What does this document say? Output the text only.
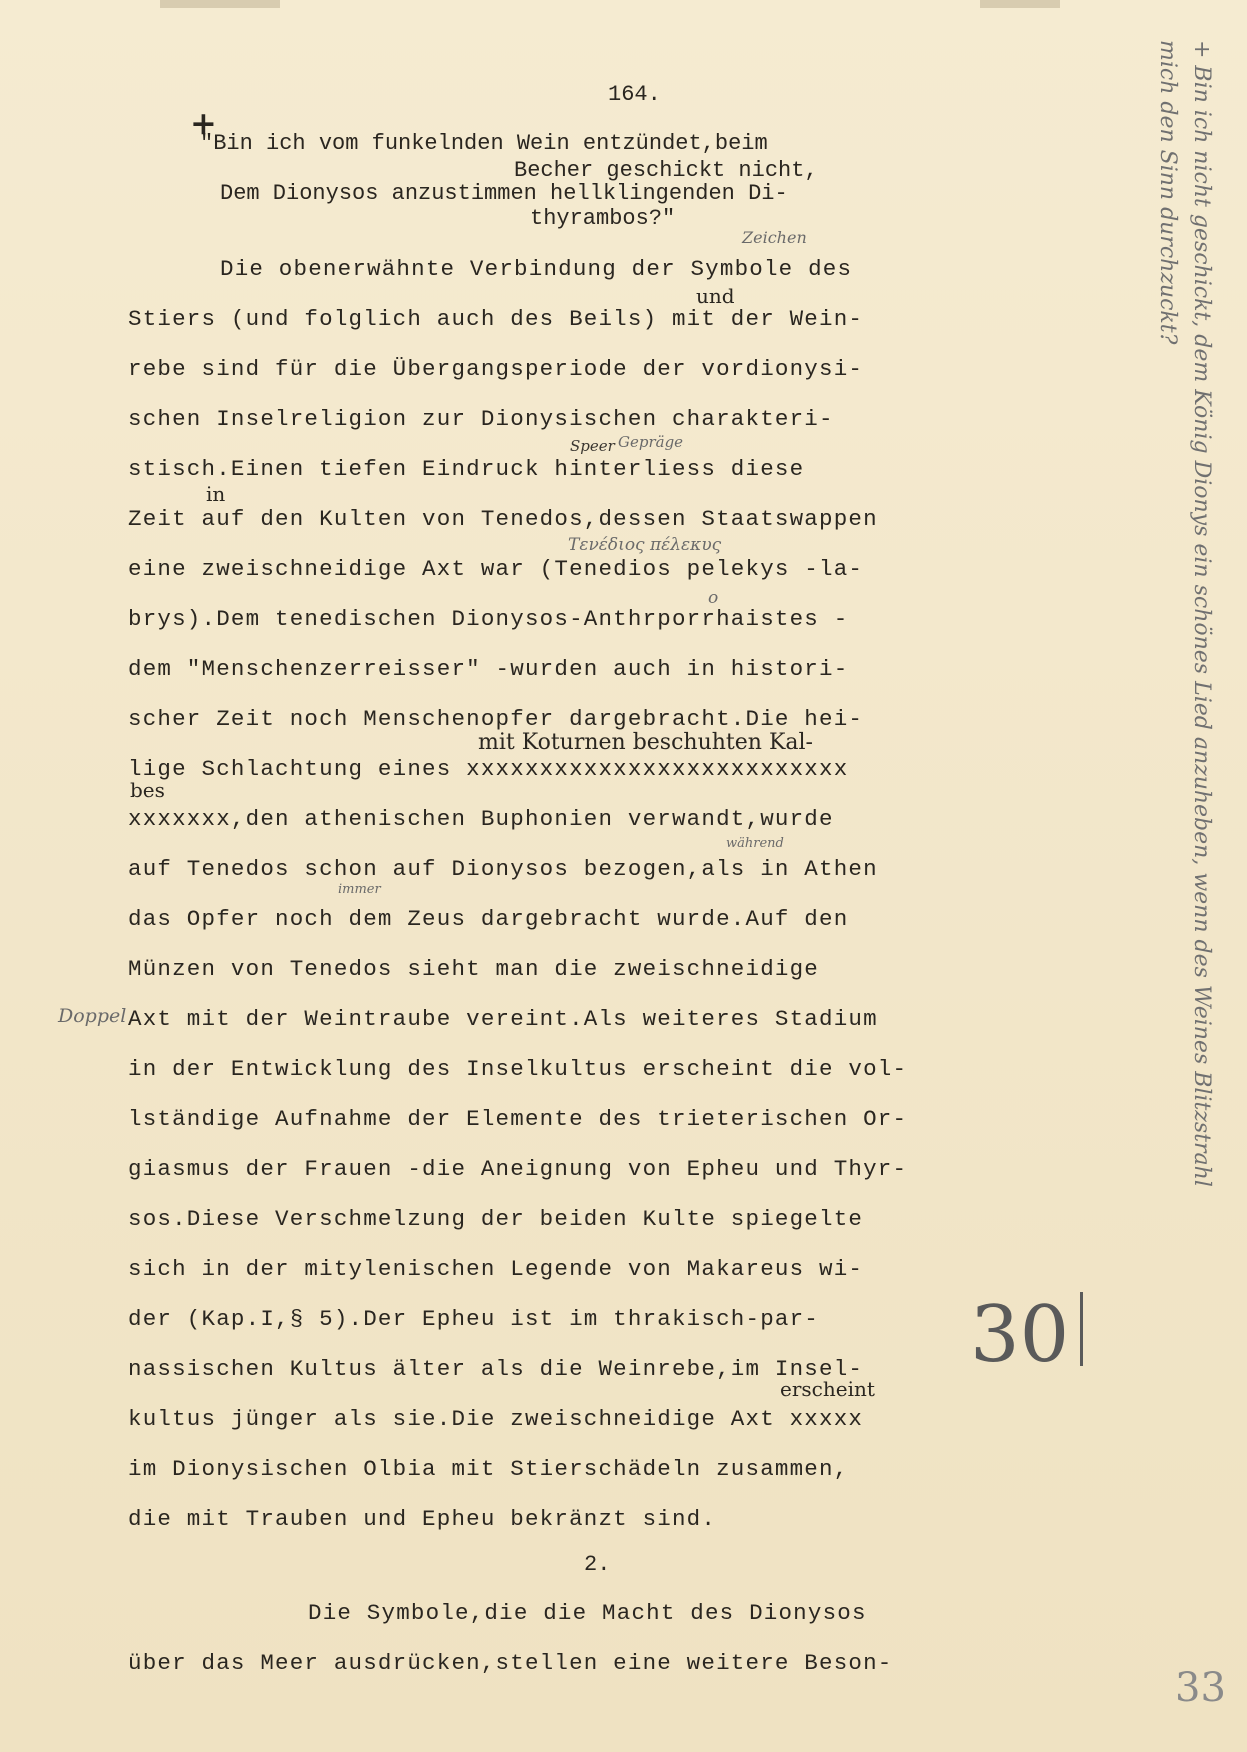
164.
+
"Bin ich vom funkelnden Wein entzündet,beim
Becher geschickt nicht,
Dem Dionysos anzustimmen hellklingenden Di-
thyrambos?"
Die obenerwähnte Verbindung der Symbole des
Stiers (und folglich auch des Beils) mit der Wein-
rebe sind für die Übergangsperiode der vordionysi-
schen Inselreligion zur Dionysischen charakteri-
stisch.Einen tiefen Eindruck hinterliess diese
Zeit auf den Kulten von Tenedos,dessen Staatswappen
eine zweischneidige Axt war (Tenedios pelekys -la-
brys).Dem tenedischen Dionysos-Anthrporrhaistes -
dem "Menschenzerreisser" -wurden auch in histori-
scher Zeit noch Menschenopfer dargebracht.Die hei-
lige Schlachtung eines xxxxxxxxxxxxxxxxxxxxxxxxxx
xxxxxxx,den athenischen Buphonien verwandt,wurde
auf Tenedos schon auf Dionysos bezogen,als in Athen
das Opfer noch dem Zeus dargebracht wurde.Auf den
Münzen von Tenedos sieht man die zweischneidige
Axt mit der Weintraube vereint.Als weiteres Stadium
in der Entwicklung des Inselkultus erscheint die vol-
lständige Aufnahme der Elemente des trieterischen Or-
giasmus der Frauen -die Aneignung von Epheu und Thyr-
sos.Diese Verschmelzung der beiden Kulte spiegelte
sich in der mitylenischen Legende von Makareus wi-
der (Kap.I,§ 5).Der Epheu ist im thrakisch-par-
nassischen Kultus älter als die Weinrebe,im Insel-
kultus jünger als sie.Die zweischneidige Axt xxxxx
im Dionysischen Olbia mit Stierschädeln zusammen,
die mit Trauben und Epheu bekränzt sind.
Zeichen
und
Speer Gepräge
in
Τενέδιος πέλεκυς
o
mit Koturnen beschuhten Kal-
bes
während
immer
Doppel
erscheint
2.
Die Symbole,die die Macht des Dionysos
über das Meer ausdrücken,stellen eine weitere Beson-
+ Bin ich nicht geschickt, dem König Dionys ein schönes Lied anzuheben, wenn des Weines Blitzstrahl mich den Sinn durchzuckt?
30
33
